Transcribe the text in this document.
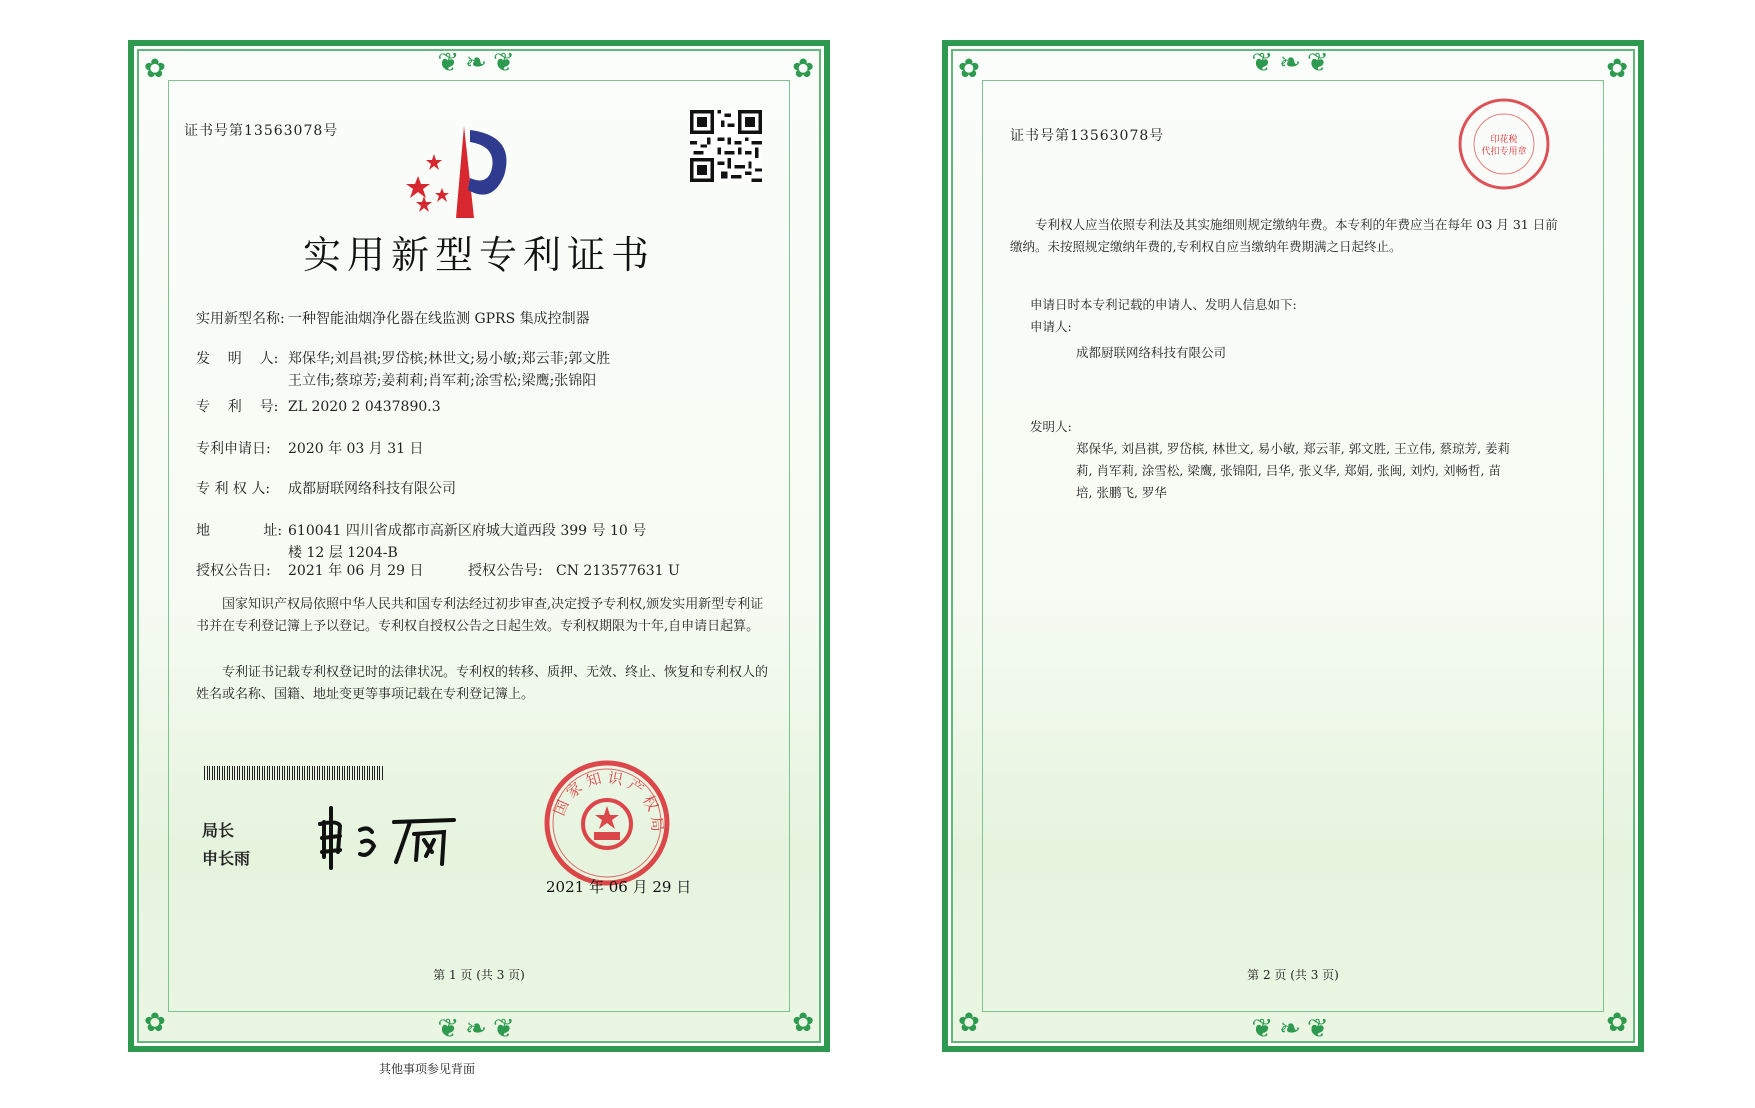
❦❧❦
❦❧❦
✿	✿
✿	✿
证书号第13563078号
实用新型专利证书
实用新型名称: 一种智能油烟净化器在线监测 GPRS 集成控制器
发    明    人: 郑保华;刘昌祺;罗岱槟;林世文;易小敏;郑云菲;郭文胜 王立伟;蔡琼芳;姜莉莉;肖军莉;涂雪松;梁鹰;张锦阳
专    利    号: ZL 2020 2 0437890.3
专利申请日:	2020 年 03 月 31 日
专 利 权 人:	成都厨联网络科技有限公司
地            址: 610041 四川省成都市高新区府城大道西段 399 号 10 号楼 12 层 1204-B
授权公告日:	2021 年 06 月 29 日	授权公告号: CN 213577631 U
国家知识产权局依照中华人民共和国专利法经过初步审查,决定授予专利权,颁发实用新型专利证书并在专利登记簿上予以登记。专利权自授权公告之日起生效。专利权期限为十年,自申请日起算。
专利证书记载专利权登记时的法律状况。专利权的转移、质押、无效、终止、恢复和专利权人的姓名或名称、国籍、地址变更等事项记载在专利登记簿上。
局长
申长雨
国 家 知 识 产 权 局
2021 年 06 月 29 日
第 1 页 (共 3 页)
❦❧❦
❦❧❦
✿	✿
✿	✿
证书号第13563078号	印花税
代扣专用章
专利权人应当依照专利法及其实施细则规定缴纳年费。本专利的年费应当在每年 03 月 31 日前缴纳。未按照规定缴纳年费的,专利权自应当缴纳年费期满之日起终止。
申请日时本专利记载的申请人、发明人信息如下:
申请人:
成都厨联网络科技有限公司
发明人:
郑保华, 刘昌祺, 罗岱槟, 林世文, 易小敏, 郑云菲, 郭文胜, 王立伟, 蔡琼芳, 姜莉莉, 肖军莉, 涂雪松, 梁鹰, 张锦阳, 吕华, 张义华, 郑娟, 张闽, 刘灼, 刘畅哲, 苗培, 张鹏飞, 罗华
第 2 页 (共 3 页)
其他事项参见背面
